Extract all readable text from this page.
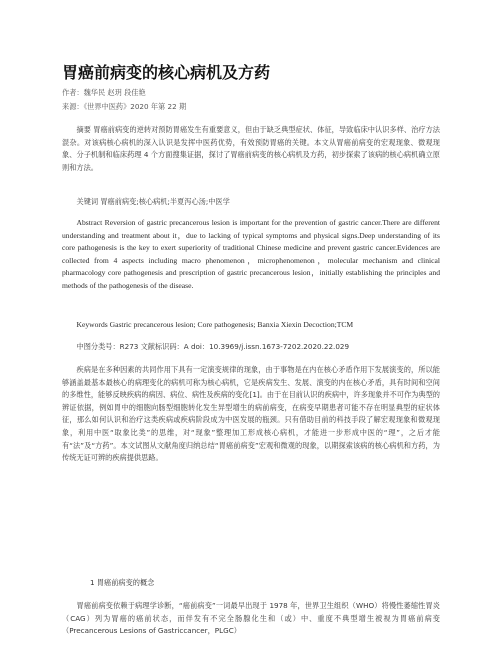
胃癌前病变的核心病机及方药
作者：魏华民 赵玥 段佳艳
来源：《世界中医药》2020 年第 22 期

摘要 胃癌前病变的逆转对预防胃癌发生有重要意义，但由于缺乏典型症状、体征，导致临床中认识多样、治疗方法混杂。对该病核心病机的深入认识是发挥中医药优势，有效预防胃癌的关键。本文从胃癌前病变的宏观现象、微观现象、分子机制和临床药理 4 个方面搜集证据，探讨了胃癌前病变的核心病机及方药，初步探索了该病的核心病机确立原则和方法。

关键词 胃癌前病变;核心病机;半夏泻心汤;中医学

Abstract Reversion of gastric precancerous lesion is important for the prevention of gastric cancer.There are different understanding and treatment about it，due to lacking of typical symptoms and physical signs.Deep understanding of its core pathogenesis is the key to exert superiority of traditional Chinese medicine and prevent gastric cancer.Evidences are collected from 4 aspects including macro phenomenon，microphenomenon，molecular mechanism and clinical pharmacology core pathogenesis and prescription of gastric precancerous lesion，initially establishing the principles and methods of the pathogenesis of the disease.

Keywords Gastric precancerous lesion; Core pathogenesis; Banxia Xiexin Decoction;TCM

中图分类号：R273 文献标识码：A doi：10.3969/j.issn.1673-7202.2020.22.029

疾病是在多种因素的共同作用下具有一定演变规律的现象，由于事物是在内在核心矛盾作用下发展演变的，所以能够涵盖最基本最核心的病理变化的病机可称为核心病机，它是疾病发生、发展、演变的内在核心矛盾，具有时间和空间的多维性，能够反映疾病的病因、病位、病性及疾病的变化[1]。由于在目前认识的疾病中，许多现象并不可作为典型的辨证依据，例如胃中的细胞向肠型细胞转化发生异型增生的病前病变，在病变早期患者可能不存在明显典型的症状体征，那么如何认识和治疗这类疾病或疾病阶段成为中医发展的瓶颈。只有借助目前的科技手段了解宏观现象和微观现象，利用中医“取象比类”的思维，对“现象”整理加工形成核心病机，才能进一步形成中医的“理”，之后才能有“法”及“方药”。本文试图从文献角度归纳总结“胃癌前病变”宏观和微观的现象，以期探索该病的核心病机和方药，为传统无证可辨的疾病提供思路。

1 胃癌前病变的概念

胃癌前病变依赖于病理学诊断，“癌前病变”一词最早出现于 1978 年，世界卫生组织（WHO）将慢性萎缩性胃炎（CAG）列为胃癌的癌前状态，而伴发有不完全肠腺化生和（或）中、重度不典型增生被视为胃癌前病变（Precancerous Lesions of Gastriccancer，PLGC）
